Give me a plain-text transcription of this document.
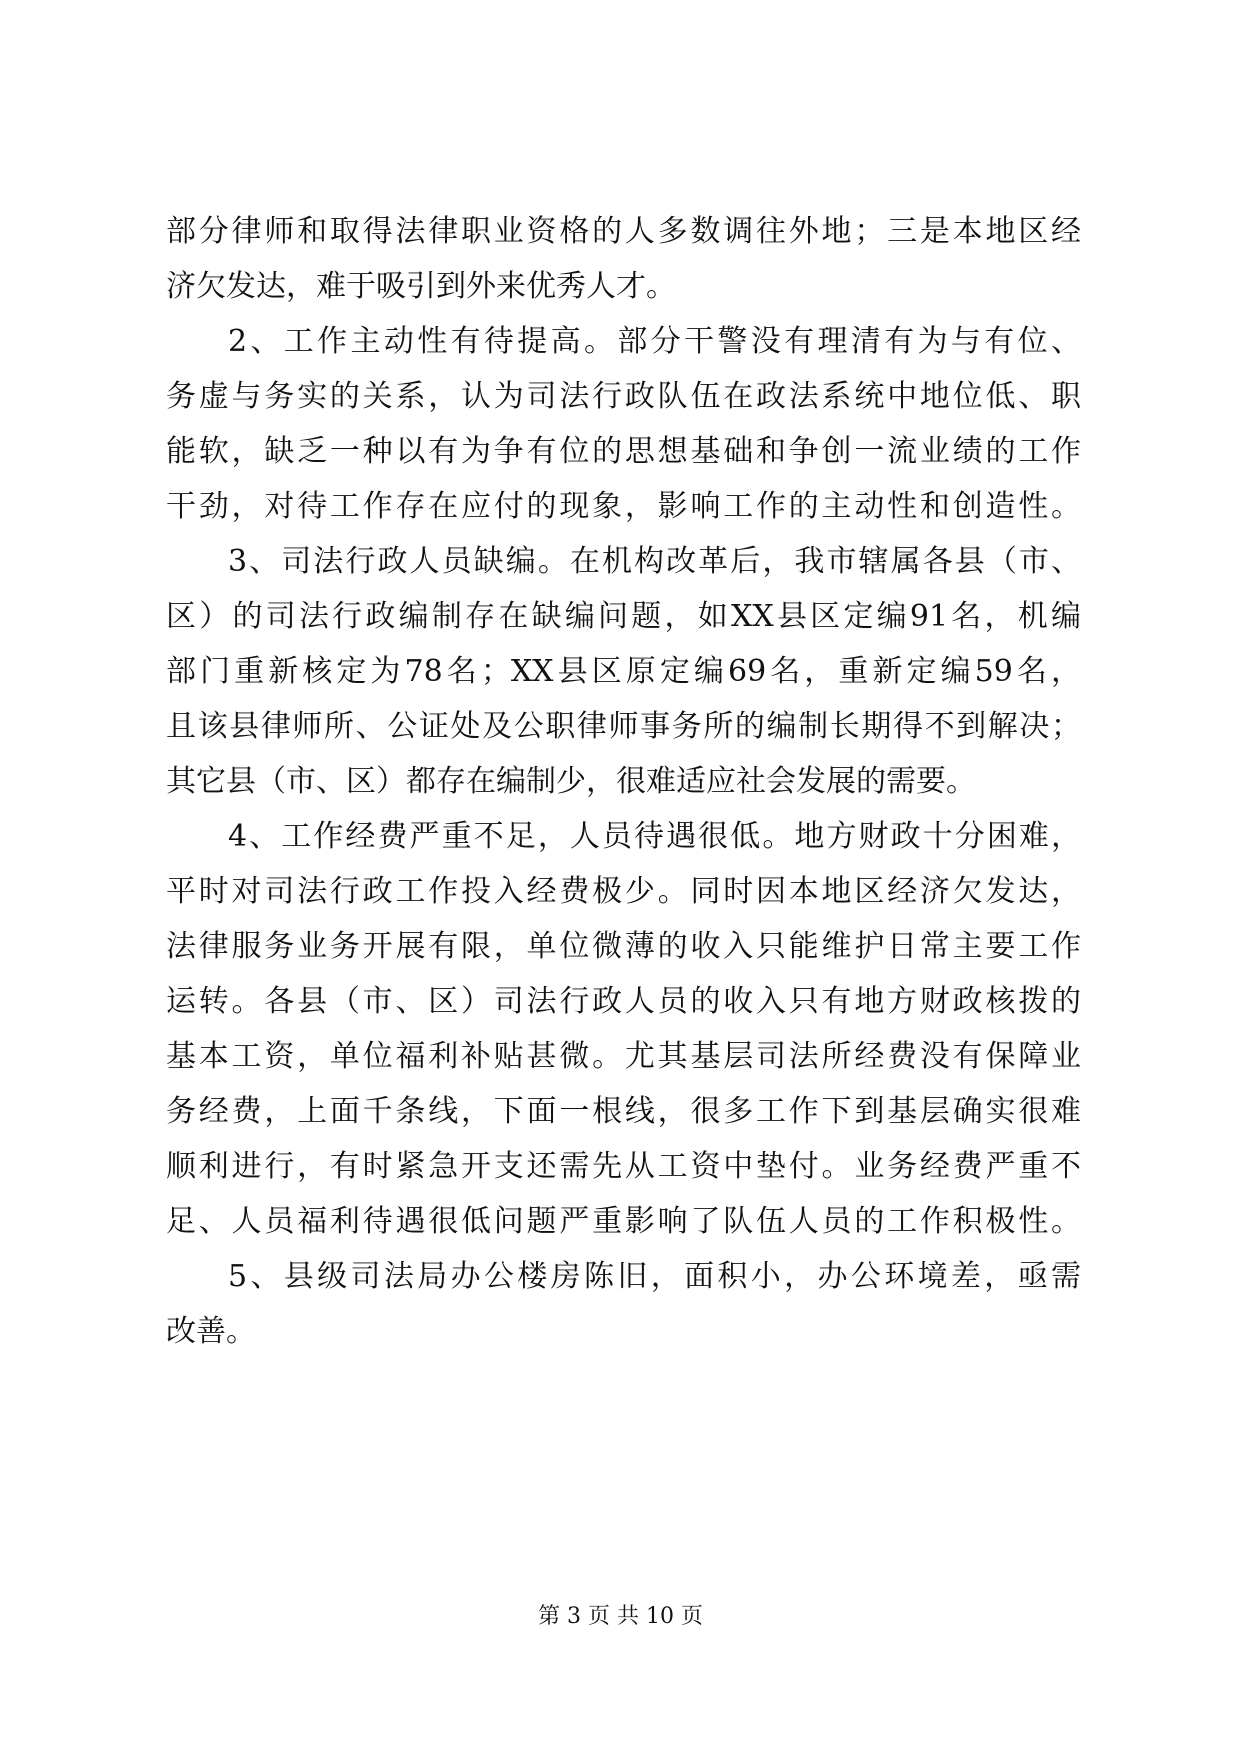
部分律师和取得法律职业资格的人多数调往外地；三是本地区经
济欠发达，难于吸引到外来优秀人才。
2、工作主动性有待提高。部分干警没有理清有为与有位、
务虚与务实的关系，认为司法行政队伍在政法系统中地位低、职
能软，缺乏一种以有为争有位的思想基础和争创一流业绩的工作
干劲，对待工作存在应付的现象，影响工作的主动性和创造性。
3、司法行政人员缺编。在机构改革后，我市辖属各县（市、
区）的司法行政编制存在缺编问题，如XX县区定编91名，机编
部门重新核定为78名；XX县区原定编69名，重新定编59名，
且该县律师所、公证处及公职律师事务所的编制长期得不到解决；
其它县（市、区）都存在编制少，很难适应社会发展的需要。
4、工作经费严重不足，人员待遇很低。地方财政十分困难，
平时对司法行政工作投入经费极少。同时因本地区经济欠发达，
法律服务业务开展有限，单位微薄的收入只能维护日常主要工作
运转。各县（市、区）司法行政人员的收入只有地方财政核拨的
基本工资，单位福利补贴甚微。尤其基层司法所经费没有保障业
务经费，上面千条线，下面一根线，很多工作下到基层确实很难
顺利进行，有时紧急开支还需先从工资中垫付。业务经费严重不
足、人员福利待遇很低问题严重影响了队伍人员的工作积极性。
5、县级司法局办公楼房陈旧，面积小，办公环境差，亟需
改善。
第 3 页 共 10 页
